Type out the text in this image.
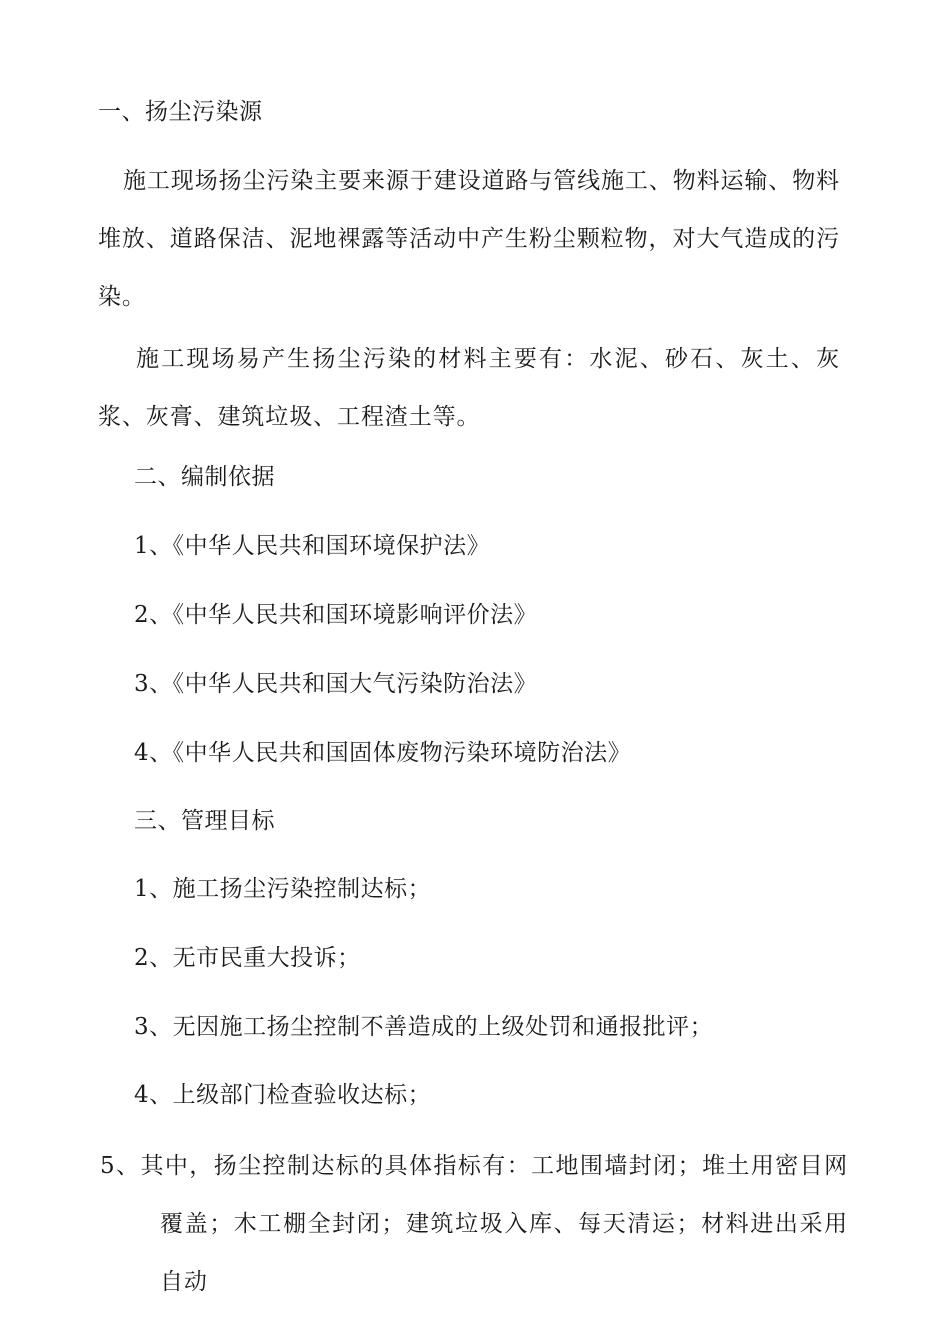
一、扬尘污染源
施工现场扬尘污染主要来源于建设道路与管线施工、物料运输、物料堆放、道路保洁、泥地裸露等活动中产生粉尘颗粒物，对大气造成的污染。
施工现场易产生扬尘污染的材料主要有：水泥、砂石、灰土、灰浆、灰膏、建筑垃圾、工程渣土等。
二、编制依据
1、《中华人民共和国环境保护法》
2、《中华人民共和国环境影响评价法》
3、《中华人民共和国大气污染防治法》
4、《中华人民共和国固体废物污染环境防治法》
三、管理目标
1、施工扬尘污染控制达标；
2、无市民重大投诉；
3、无因施工扬尘控制不善造成的上级处罚和通报批评；
4、上级部门检查验收达标；
5、其中，扬尘控制达标的具体指标有：工地围墙封闭；堆土用密目网覆盖；木工棚全封闭；建筑垃圾入库、每天清运；材料进出采用自动
